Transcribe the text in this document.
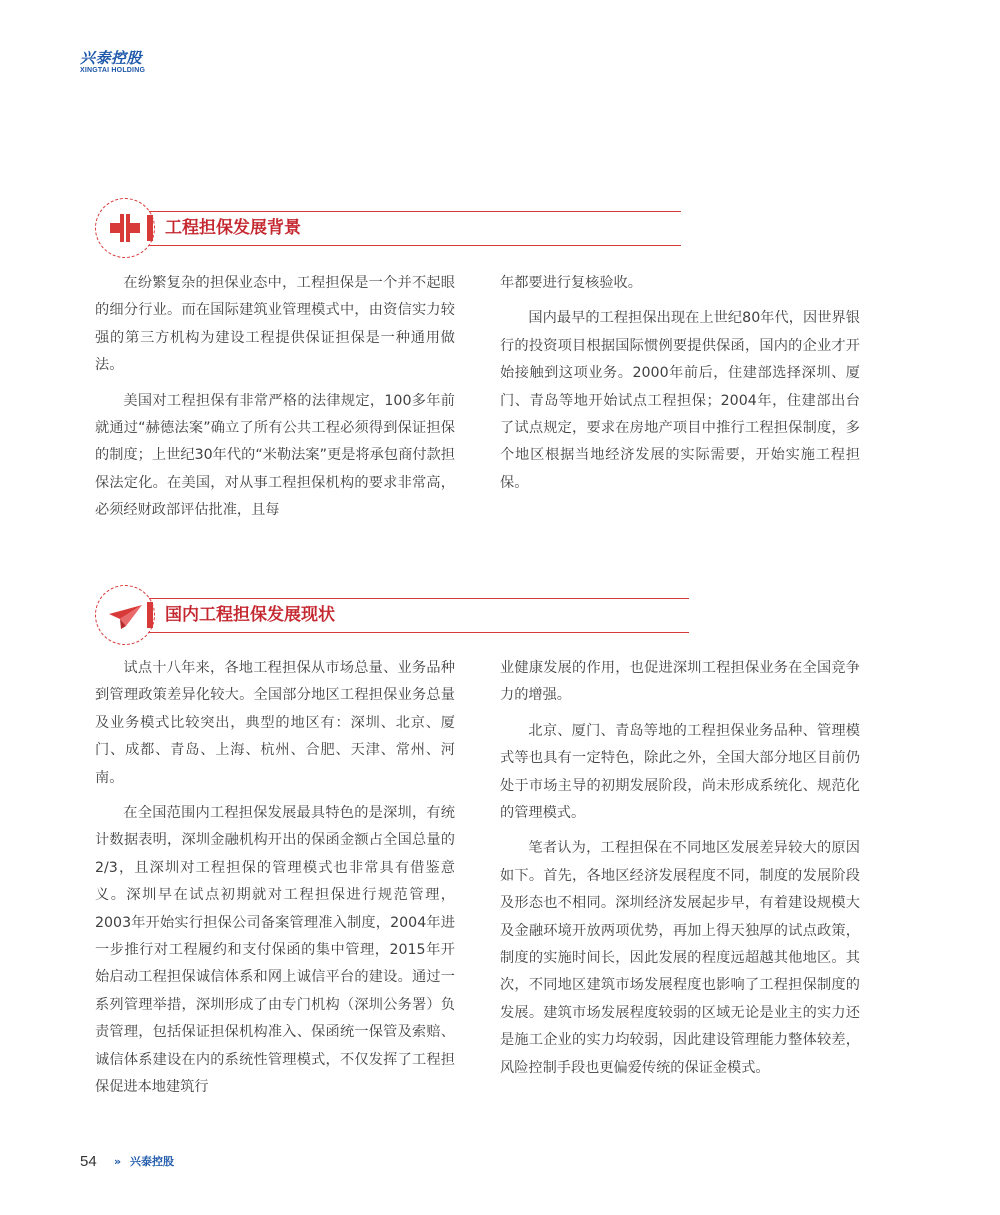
兴泰控股
XINGTAI HOLDING
工程担保发展背景

在纷繁复杂的担保业态中，工程担保是一个并不起眼的细分行业。而在国际建筑业管理模式中，由资信实力较强的第三方机构为建设工程提供保证担保是一种通用做法。

美国对工程担保有非常严格的法律规定，100多年前就通过“赫德法案”确立了所有公共工程必须得到保证担保的制度；上世纪30年代的“米勒法案”更是将承包商付款担保法定化。在美国，对从事工程担保机构的要求非常高，必须经财政部评估批准，且每

年都要进行复核验收。

国内最早的工程担保出现在上世纪80年代，因世界银行的投资项目根据国际惯例要提供保函，国内的企业才开始接触到这项业务。2000年前后，住建部选择深圳、厦门、青岛等地开始试点工程担保；2004年，住建部出台了试点规定，要求在房地产项目中推行工程担保制度，多个地区根据当地经济发展的实际需要，开始实施工程担保。

国内工程担保发展现状

试点十八年来，各地工程担保从市场总量、业务品种到管理政策差异化较大。全国部分地区工程担保业务总量及业务模式比较突出，典型的地区有：深圳、北京、厦门、成都、青岛、上海、杭州、合肥、天津、常州、河南。

在全国范围内工程担保发展最具特色的是深圳，有统计数据表明，深圳金融机构开出的保函金额占全国总量的2/3，且深圳对工程担保的管理模式也非常具有借鉴意义。深圳早在试点初期就对工程担保进行规范管理，2003年开始实行担保公司备案管理准入制度，2004年进一步推行对工程履约和支付保函的集中管理，2015年开始启动工程担保诚信体系和网上诚信平台的建设。通过一系列管理举措，深圳形成了由专门机构（深圳公务署）负责管理，包括保证担保机构准入、保函统一保管及索赔、诚信体系建设在内的系统性管理模式，不仅发挥了工程担保促进本地建筑行

业健康发展的作用，也促进深圳工程担保业务在全国竞争力的增强。

北京、厦门、青岛等地的工程担保业务品种、管理模式等也具有一定特色，除此之外，全国大部分地区目前仍处于市场主导的初期发展阶段，尚未形成系统化、规范化的管理模式。

笔者认为，工程担保在不同地区发展差异较大的原因如下。首先，各地区经济发展程度不同，制度的发展阶段及形态也不相同。深圳经济发展起步早，有着建设规模大及金融环境开放两项优势，再加上得天独厚的试点政策，制度的实施时间长，因此发展的程度远超越其他地区。其次，不同地区建筑市场发展程度也影响了工程担保制度的发展。建筑市场发展程度较弱的区域无论是业主的实力还是施工企业的实力均较弱，因此建设管理能力整体较差，风险控制手段也更偏爱传统的保证金模式。

54 » 兴泰控股
